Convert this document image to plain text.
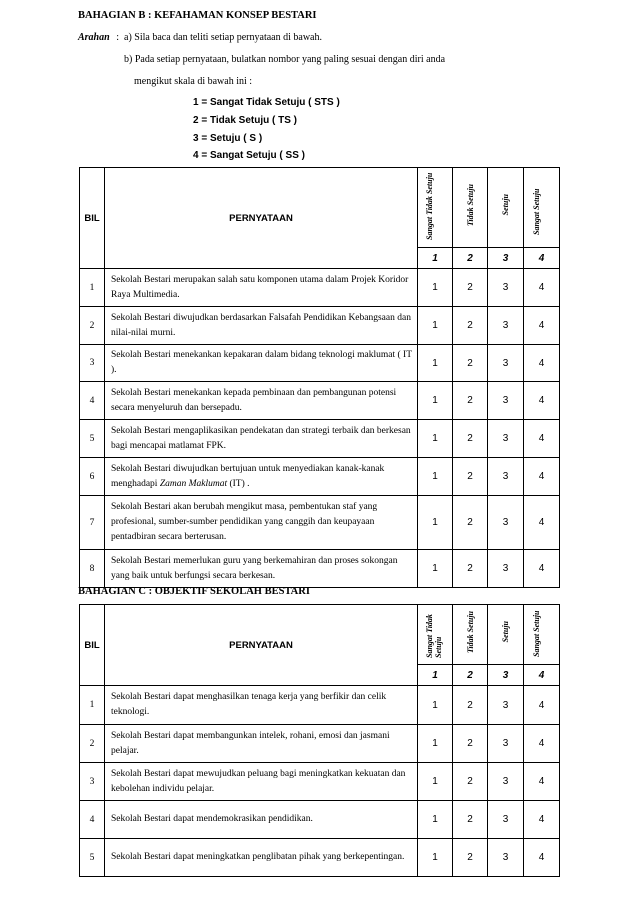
BAHAGIAN B : KEFAHAMAN KONSEP BESTARI
Arahan : a) Sila baca dan teliti setiap pernyataan di bawah.
b) Pada setiap pernyataan, bulatkan nombor yang paling sesuai dengan diri anda
mengikut skala di bawah ini :
1 = Sangat Tidak Setuju ( STS )
2 = Tidak Setuju ( TS )
3 = Setuju ( S )
4 = Sangat Setuju ( SS )
BIL	PERNYATAAN	Sangat Tidak Setuju	Tidak Setuju	Setuju	Sangat Setuju
		1	2	3	4
1	Sekolah Bestari merupakan salah satu komponen utama dalam Projek Koridor Raya Multimedia.	1	2	3	4
2	Sekolah Bestari diwujudkan berdasarkan Falsafah Pendidikan Kebangsaan dan nilai-nilai murni.	1	2	3	4
3	Sekolah Bestari menekankan kepakaran dalam bidang teknologi maklumat ( IT ).	1	2	3	4
4	Sekolah Bestari menekankan kepada pembinaan dan pembangunan potensi secara menyeluruh dan bersepadu.	1	2	3	4
5	Sekolah Bestari mengaplikasikan pendekatan dan strategi terbaik dan berkesan bagi mencapai matlamat FPK.	1	2	3	4
6	Sekolah Bestari diwujudkan bertujuan untuk menyediakan kanak-kanak menghadapi Zaman Maklumat (IT) .	1	2	3	4
7	Sekolah Bestari akan berubah mengikut masa, pembentukan staf yang profesional, sumber-sumber pendidikan yang canggih dan keupayaan pentadbiran secara berterusan.	1	2	3	4
8	Sekolah Bestari memerlukan guru yang berkemahiran dan proses sokongan yang baik untuk berfungsi secara berkesan.	1	2	3	4
BAHAGIAN C : OBJEKTIF SEKOLAH BESTARI
BIL	PERNYATAAN	Sangat Tidak Setuju	Tidak Setuju	Setuju	Sangat Setuju
		1	2	3	4
1	Sekolah Bestari dapat menghasilkan tenaga kerja yang berfikir dan celik teknologi.	1	2	3	4
2	Sekolah Bestari dapat membangunkan intelek, rohani, emosi dan jasmani pelajar.	1	2	3	4
3	Sekolah Bestari dapat mewujudkan peluang bagi meningkatkan kekuatan dan kebolehan individu pelajar.	1	2	3	4
4	Sekolah Bestari dapat mendemokrasikan pendidikan.	1	2	3	4
5	Sekolah Bestari dapat meningkatkan penglibatan pihak yang berkepentingan.	1	2	3	4
